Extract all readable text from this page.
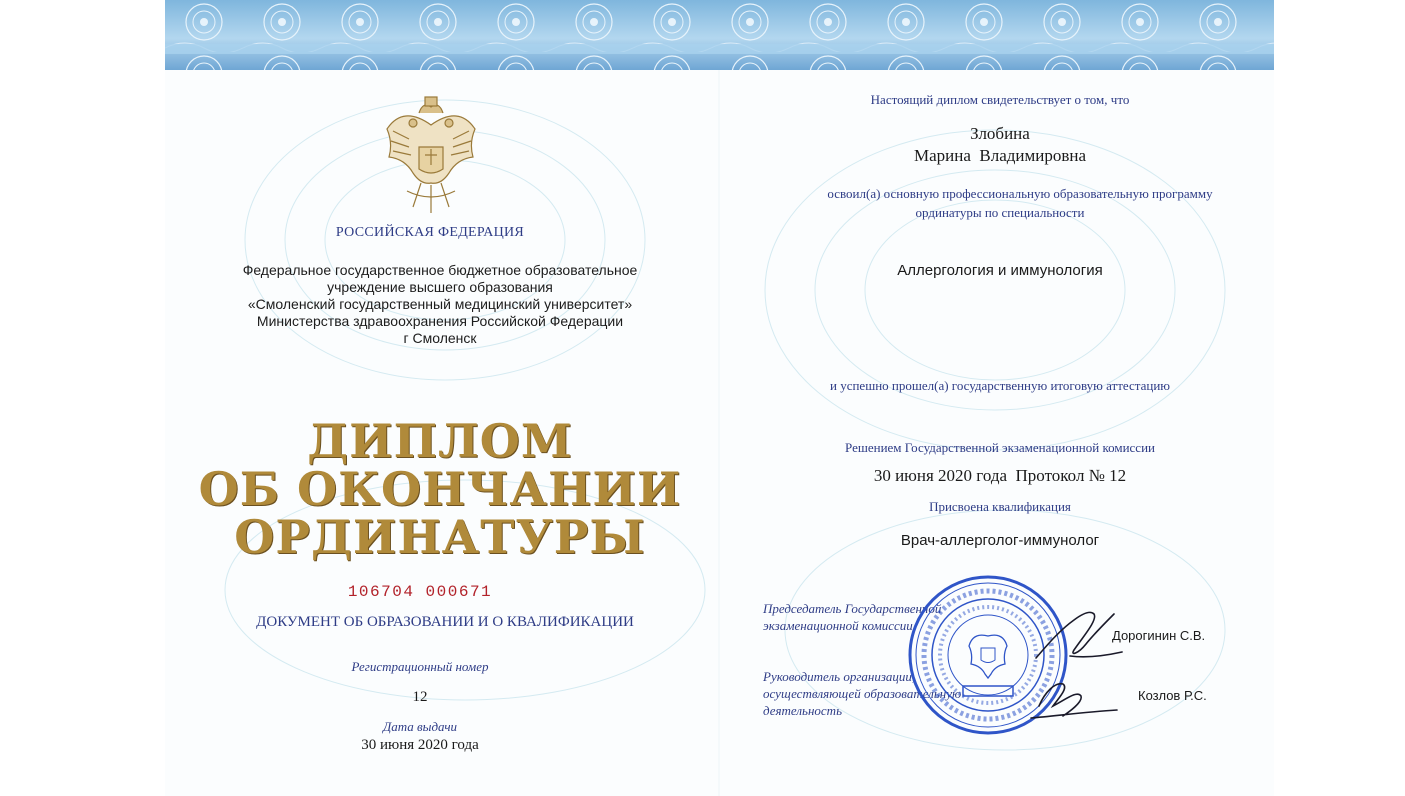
РОССИЙСКАЯ ФЕДЕРАЦИЯ
Федеральное государственное бюджетное образовательное
учреждение высшего образования
«Смоленский государственный медицинский университет»
Министерства здравоохранения Российской Федерации
г Смоленск
ДИПЛОМ
ОБ ОКОНЧАНИИ
ОРДИНАТУРЫ
106704 000671
ДОКУМЕНТ ОБ ОБРАЗОВАНИИ И О КВАЛИФИКАЦИИ
Регистрационный номер
12
Дата выдачи
30 июня 2020 года
Настоящий диплом свидетельствует о том, что
Злобина
Марина  Владимировна
освоил(а) основную профессиональную образовательную программу
ординатуры по специальности
Аллергология и иммунология
и успешно прошел(а) государственную итоговую аттестацию
Решением Государственной экзаменационной комиссии
30 июня 2020 года  Протокол № 12
Присвоена квалификация
Врач-аллерголог-иммунолог
Председатель Государственной
экзаменационной комиссии
Дорогинин С.В.
Руководитель организации,
осуществляющей образовательную
деятельность
Козлов Р.С.
